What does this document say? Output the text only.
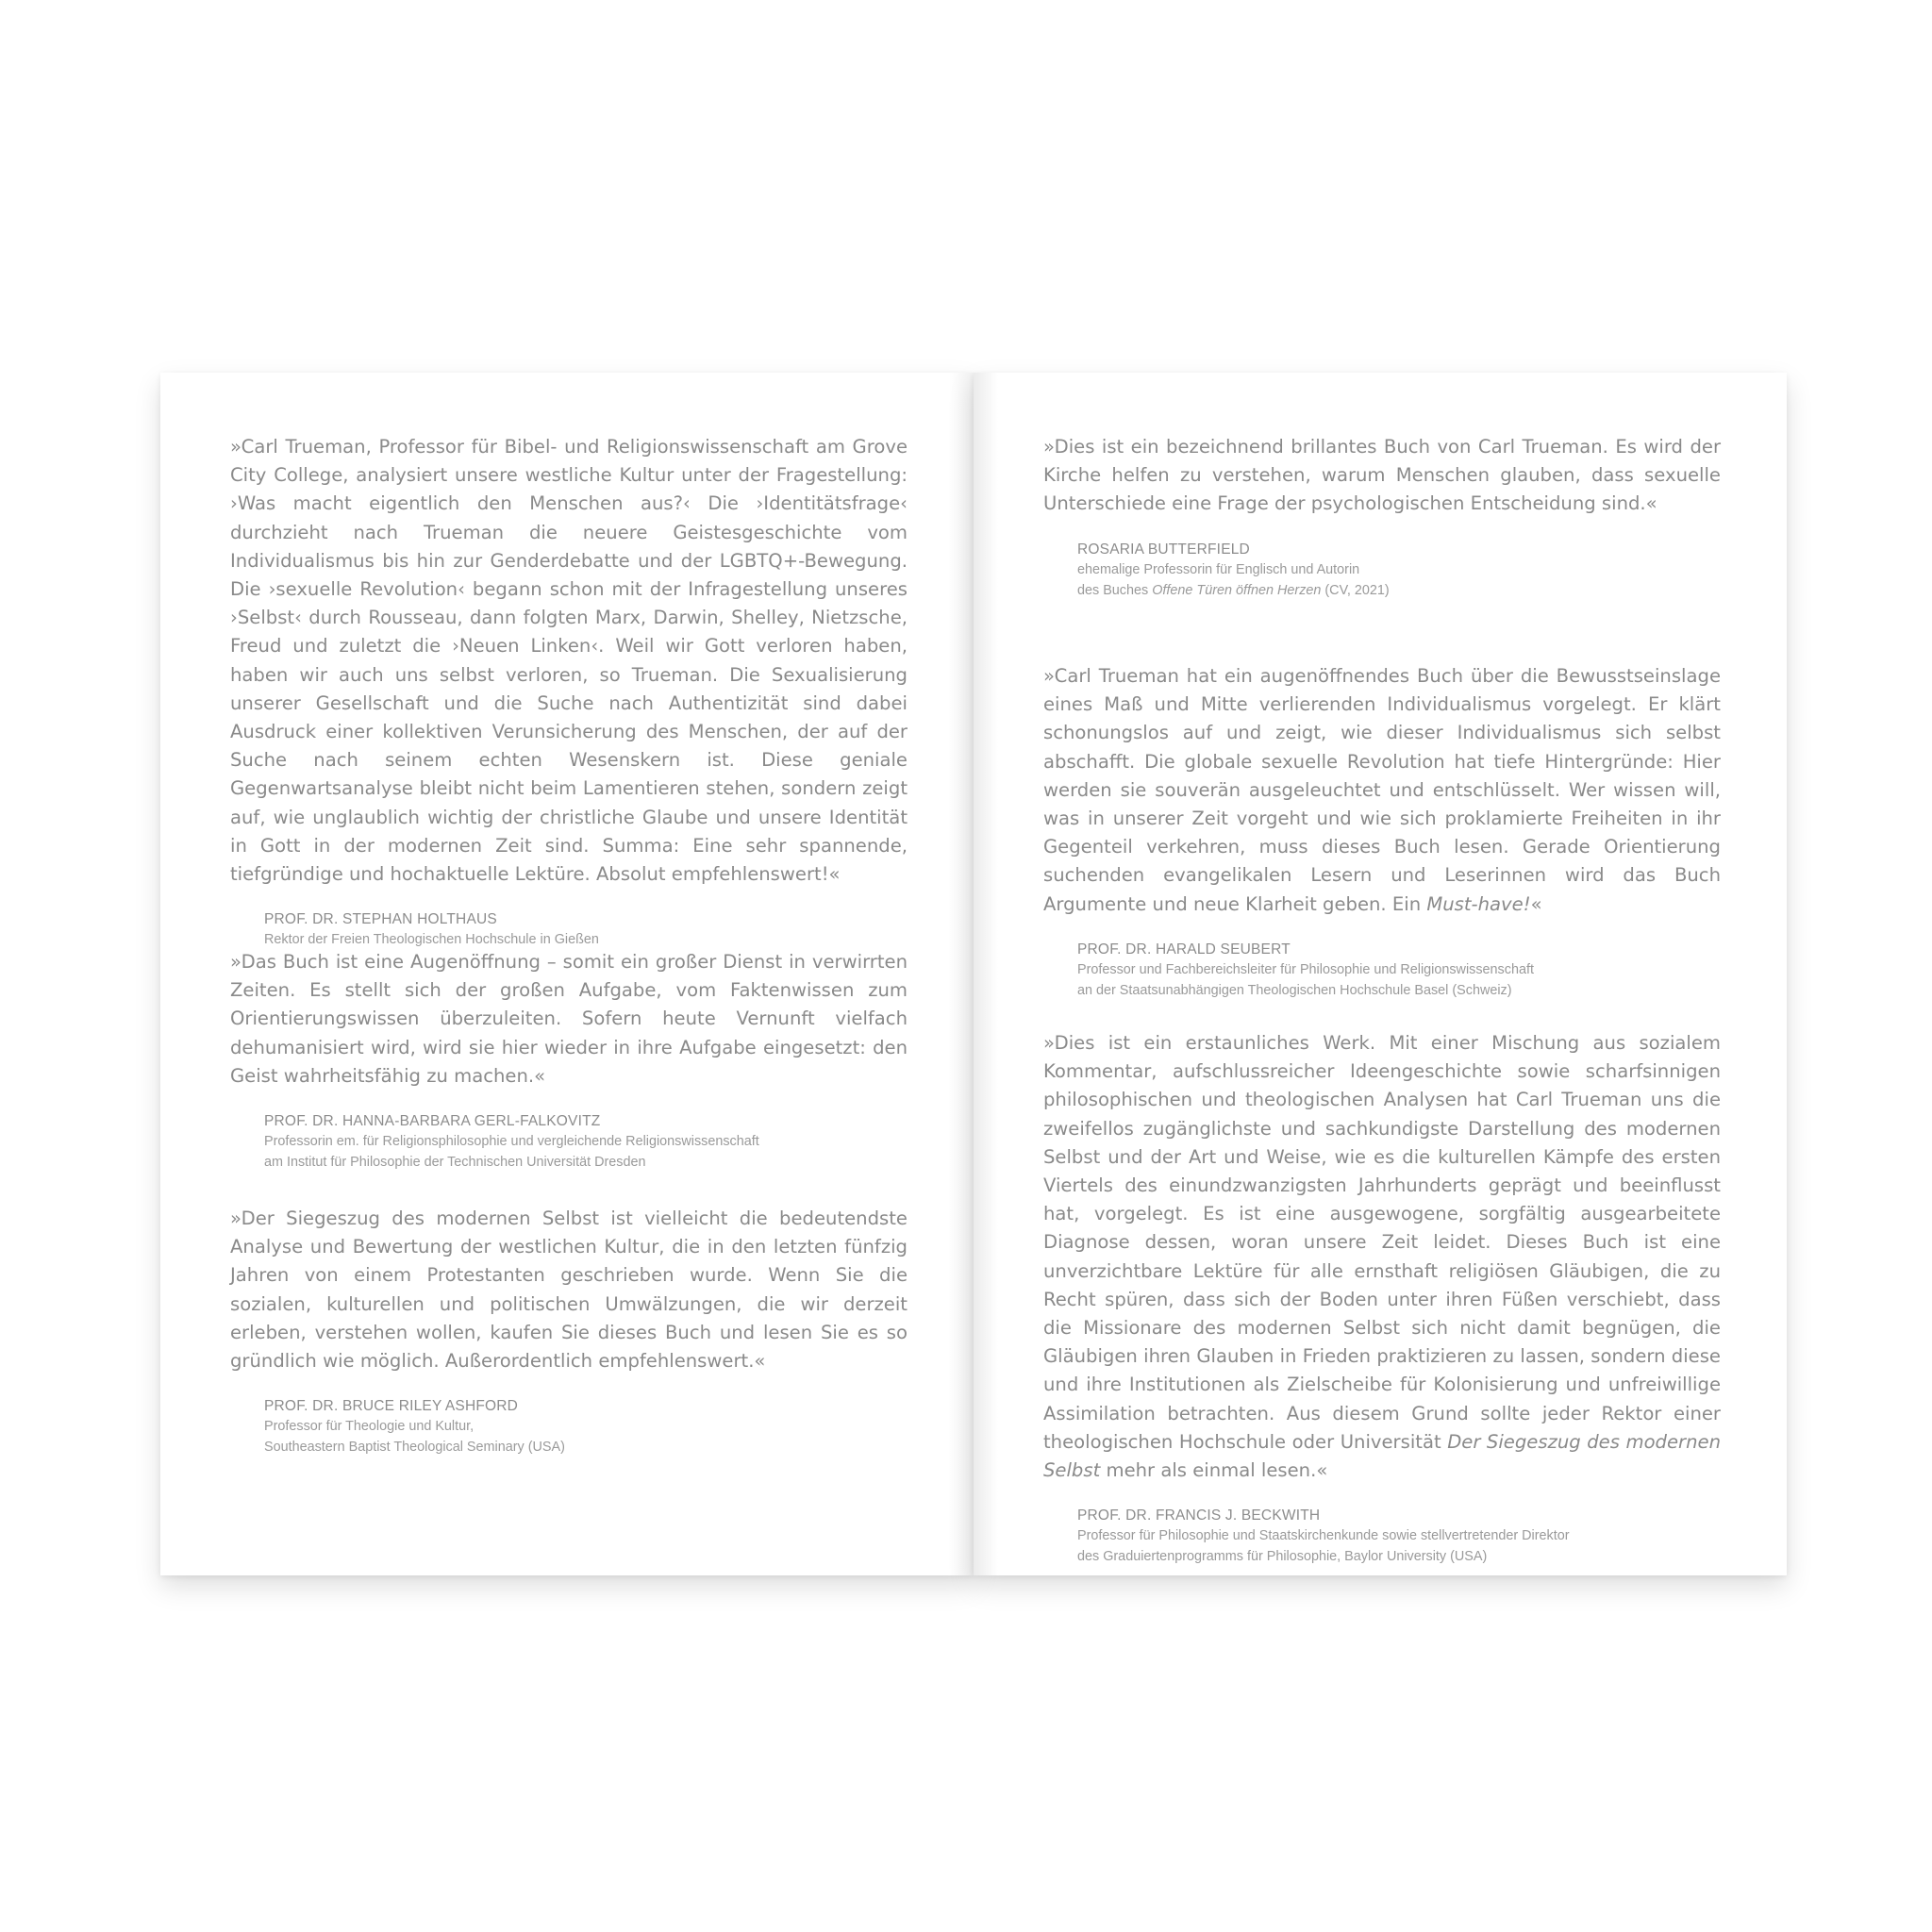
»Carl Trueman, Professor für Bibel- und Religionswissenschaft am Grove City College, analysiert unsere westliche Kultur unter der Fragestellung: ›Was macht eigentlich den Menschen aus?‹ Die ›Identitätsfrage‹ durchzieht nach Trueman die neuere Geistesgeschichte vom Individualismus bis hin zur Genderdebatte und der LGBTQ+-Bewegung. Die ›sexuelle Revolution‹ begann schon mit der Infragestellung unseres ›Selbst‹ durch Rousseau, dann folgten Marx, Darwin, Shelley, Nietzsche, Freud und zuletzt die ›Neuen Linken‹. Weil wir Gott verloren haben, haben wir auch uns selbst verloren, so Trueman. Die Sexualisierung unserer Gesellschaft und die Suche nach Authentizität sind dabei Ausdruck einer kollektiven Verunsicherung des Menschen, der auf der Suche nach seinem echten Wesenskern ist. Diese geniale Gegenwartsanalyse bleibt nicht beim Lamentieren stehen, sondern zeigt auf, wie unglaublich wichtig der christliche Glaube und unsere Identität in Gott in der modernen Zeit sind. Summa: Eine sehr spannende, tiefgründige und hochaktuelle Lektüre. Absolut empfehlenswert!«

PROF. DR. STEPHAN HOLTHAUS
Rektor der Freien Theologischen Hochschule in Gießen

»Das Buch ist eine Augenöffnung – somit ein großer Dienst in verwirrten Zeiten. Es stellt sich der großen Aufgabe, vom Faktenwissen zum Orientierungswissen überzuleiten. Sofern heute Vernunft vielfach dehumanisiert wird, wird sie hier wieder in ihre Aufgabe eingesetzt: den Geist wahrheitsfähig zu machen.«

PROF. DR. HANNA-BARBARA GERL-FALKOVITZ
Professorin em. für Religionsphilosophie und vergleichende Religionswissenschaft
am Institut für Philosophie der Technischen Universität Dresden

»Der Siegeszug des modernen Selbst ist vielleicht die bedeutendste Analyse und Bewertung der westlichen Kultur, die in den letzten fünfzig Jahren von einem Protestanten geschrieben wurde. Wenn Sie die sozialen, kulturellen und politischen Umwälzungen, die wir derzeit erleben, verstehen wollen, kaufen Sie dieses Buch und lesen Sie es so gründlich wie möglich. Außerordentlich empfehlenswert.«

PROF. DR. BRUCE RILEY ASHFORD
Professor für Theologie und Kultur,
Southeastern Baptist Theological Seminary (USA)

»Dies ist ein bezeichnend brillantes Buch von Carl Trueman. Es wird der Kirche helfen zu verstehen, warum Menschen glauben, dass sexuelle Unterschiede eine Frage der psychologischen Entscheidung sind.«

ROSARIA BUTTERFIELD
ehemalige Professorin für Englisch und Autorin
des Buches Offene Türen öffnen Herzen (CV, 2021)

»Carl Trueman hat ein augenöffnendes Buch über die Bewusstseinslage eines Maß und Mitte verlierenden Individualismus vorgelegt. Er klärt schonungslos auf und zeigt, wie dieser Individualismus sich selbst abschafft. Die globale sexuelle Revolution hat tiefe Hintergründe: Hier werden sie souverän ausgeleuchtet und entschlüsselt. Wer wissen will, was in unserer Zeit vorgeht und wie sich proklamierte Freiheiten in ihr Gegenteil verkehren, muss dieses Buch lesen. Gerade Orientierung suchenden evangelikalen Lesern und Leserinnen wird das Buch Argumente und neue Klarheit geben. Ein Must-have!«

PROF. DR. HARALD SEUBERT
Professor und Fachbereichsleiter für Philosophie und Religionswissenschaft
an der Staatsunabhängigen Theologischen Hochschule Basel (Schweiz)

»Dies ist ein erstaunliches Werk. Mit einer Mischung aus sozialem Kommentar, aufschlussreicher Ideengeschichte sowie scharfsinnigen philosophischen und theologischen Analysen hat Carl Trueman uns die zweifellos zugänglichste und sachkundigste Darstellung des modernen Selbst und der Art und Weise, wie es die kulturellen Kämpfe des ersten Viertels des einundzwanzigsten Jahrhunderts geprägt und beeinflusst hat, vorgelegt. Es ist eine ausgewogene, sorgfältig ausgearbeitete Diagnose dessen, woran unsere Zeit leidet. Dieses Buch ist eine unverzichtbare Lektüre für alle ernsthaft religiösen Gläubigen, die zu Recht spüren, dass sich der Boden unter ihren Füßen verschiebt, dass die Missionare des modernen Selbst sich nicht damit begnügen, die Gläubigen ihren Glauben in Frieden praktizieren zu lassen, sondern diese und ihre Institutionen als Zielscheibe für Kolonisierung und unfreiwillige Assimilation betrachten. Aus diesem Grund sollte jeder Rektor einer theologischen Hochschule oder Universität Der Siegeszug des modernen Selbst mehr als einmal lesen.«

PROF. DR. FRANCIS J. BECKWITH
Professor für Philosophie und Staatskirchenkunde sowie stellvertretender Direktor
des Graduiertenprogramms für Philosophie, Baylor University (USA)
